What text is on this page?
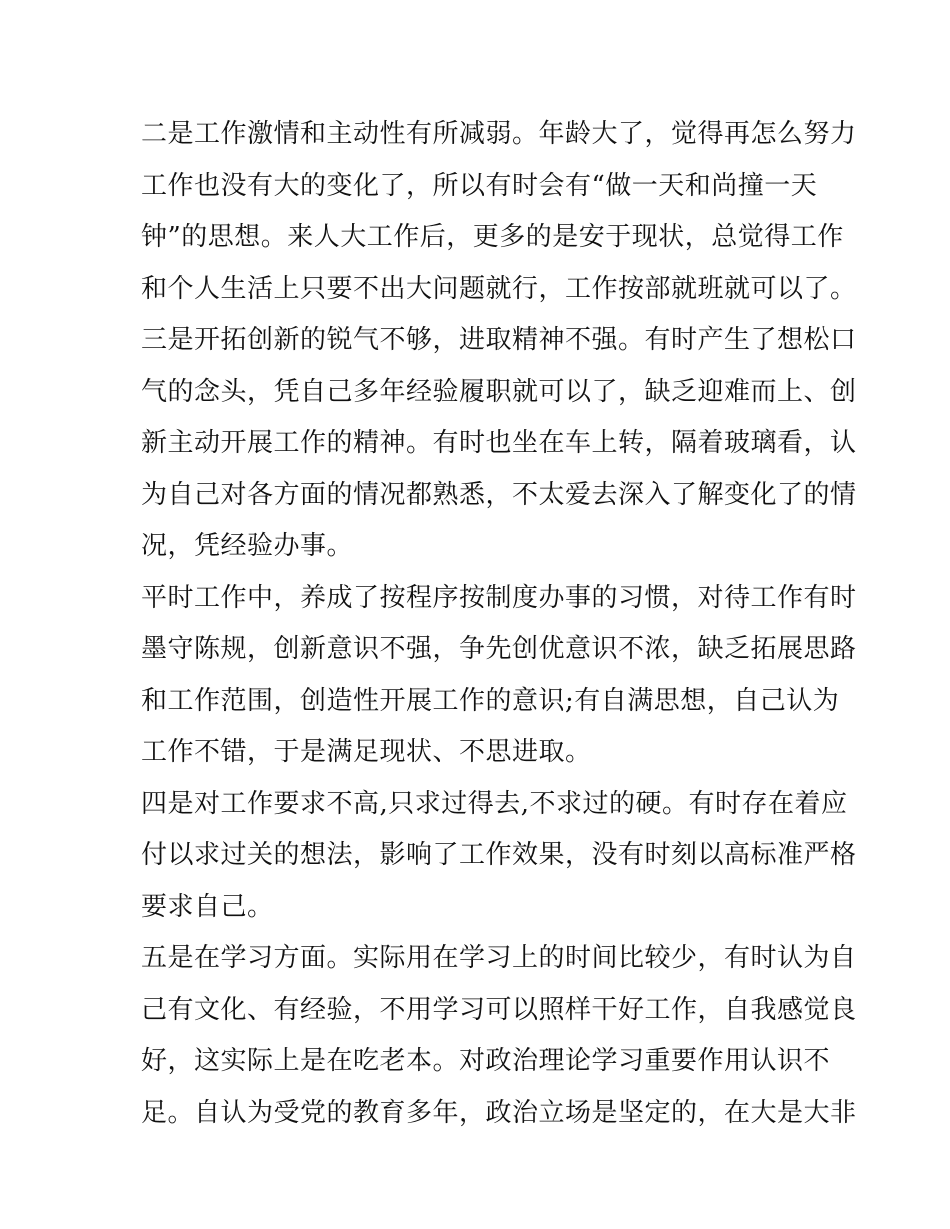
二是工作激情和主动性有所减弱。年龄大了，觉得再怎么努力
工作也没有大的变化了，所以有时会有“做一天和尚撞一天
钟”的思想。来人大工作后，更多的是安于现状，总觉得工作
和个人生活上只要不出大问题就行，工作按部就班就可以了。
三是开拓创新的锐气不够，进取精神不强。有时产生了想松口
气的念头，凭自己多年经验履职就可以了，缺乏迎难而上、创
新主动开展工作的精神。有时也坐在车上转，隔着玻璃看，认
为自己对各方面的情况都熟悉，不太爱去深入了解变化了的情
况，凭经验办事。
平时工作中，养成了按程序按制度办事的习惯，对待工作有时
墨守陈规，创新意识不强，争先创优意识不浓，缺乏拓展思路
和工作范围，创造性开展工作的意识;有自满思想，自己认为
工作不错，于是满足现状、不思进取。
四是对工作要求不高,只求过得去,不求过的硬。有时存在着应
付以求过关的想法，影响了工作效果，没有时刻以高标准严格
要求自己。
五是在学习方面。实际用在学习上的时间比较少，有时认为自
己有文化、有经验，不用学习可以照样干好工作，自我感觉良
好，这实际上是在吃老本。对政治理论学习重要作用认识不
足。自认为受党的教育多年，政治立场是坚定的，在大是大非
